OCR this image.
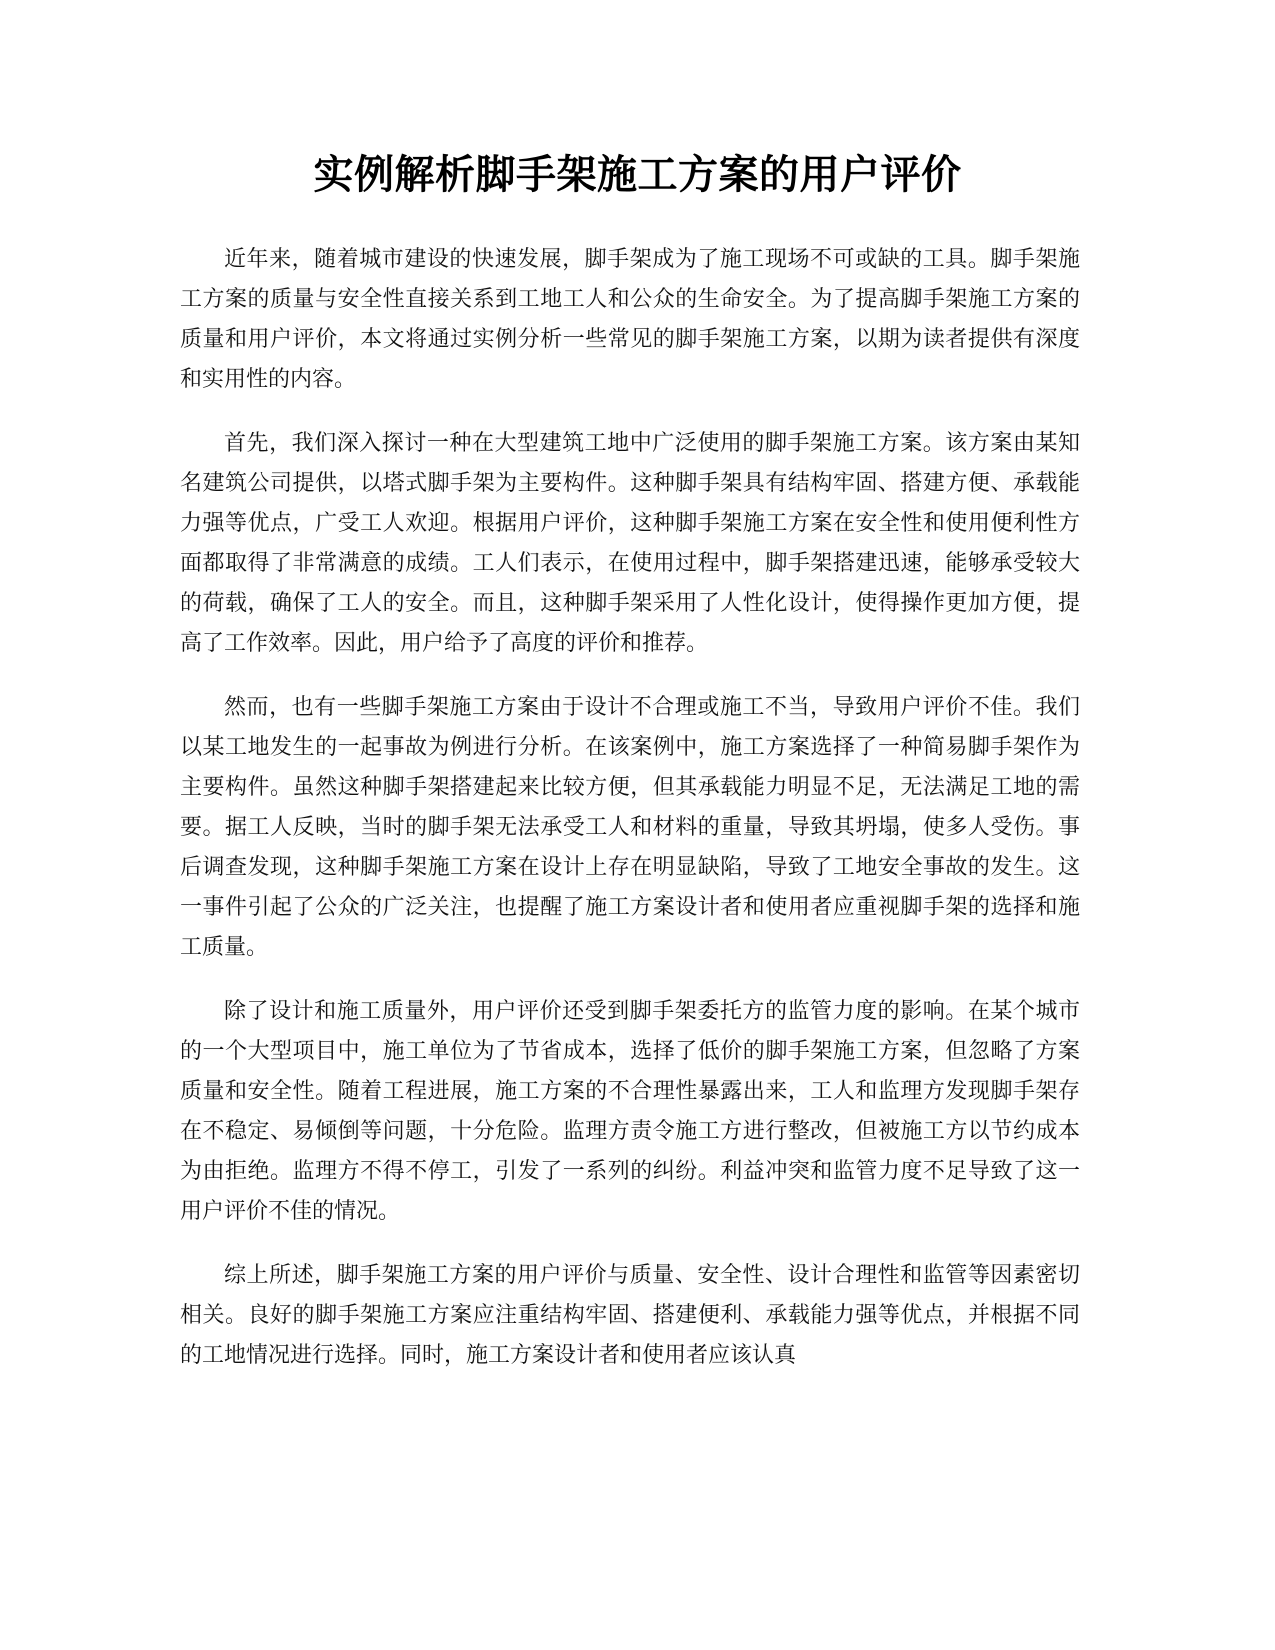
实例解析脚手架施工方案的用户评价

近年来，随着城市建设的快速发展，脚手架成为了施工现场不可或缺的工具。脚手架施工方案的质量与安全性直接关系到工地工人和公众的生命安全。为了提高脚手架施工方案的质量和用户评价，本文将通过实例分析一些常见的脚手架施工方案，以期为读者提供有深度和实用性的内容。

首先，我们深入探讨一种在大型建筑工地中广泛使用的脚手架施工方案。该方案由某知名建筑公司提供，以塔式脚手架为主要构件。这种脚手架具有结构牢固、搭建方便、承载能力强等优点，广受工人欢迎。根据用户评价，这种脚手架施工方案在安全性和使用便利性方面都取得了非常满意的成绩。工人们表示，在使用过程中，脚手架搭建迅速，能够承受较大的荷载，确保了工人的安全。而且，这种脚手架采用了人性化设计，使得操作更加方便，提高了工作效率。因此，用户给予了高度的评价和推荐。

然而，也有一些脚手架施工方案由于设计不合理或施工不当，导致用户评价不佳。我们以某工地发生的一起事故为例进行分析。在该案例中，施工方案选择了一种简易脚手架作为主要构件。虽然这种脚手架搭建起来比较方便，但其承载能力明显不足，无法满足工地的需要。据工人反映，当时的脚手架无法承受工人和材料的重量，导致其坍塌，使多人受伤。事后调查发现，这种脚手架施工方案在设计上存在明显缺陷，导致了工地安全事故的发生。这一事件引起了公众的广泛关注，也提醒了施工方案设计者和使用者应重视脚手架的选择和施工质量。

除了设计和施工质量外，用户评价还受到脚手架委托方的监管力度的影响。在某个城市的一个大型项目中，施工单位为了节省成本，选择了低价的脚手架施工方案，但忽略了方案质量和安全性。随着工程进展，施工方案的不合理性暴露出来，工人和监理方发现脚手架存在不稳定、易倾倒等问题，十分危险。监理方责令施工方进行整改，但被施工方以节约成本为由拒绝。监理方不得不停工，引发了一系列的纠纷。利益冲突和监管力度不足导致了这一用户评价不佳的情况。

综上所述，脚手架施工方案的用户评价与质量、安全性、设计合理性和监管等因素密切相关。良好的脚手架施工方案应注重结构牢固、搭建便利、承载能力强等优点，并根据不同的工地情况进行选择。同时，施工方案设计者和使用者应该认真
